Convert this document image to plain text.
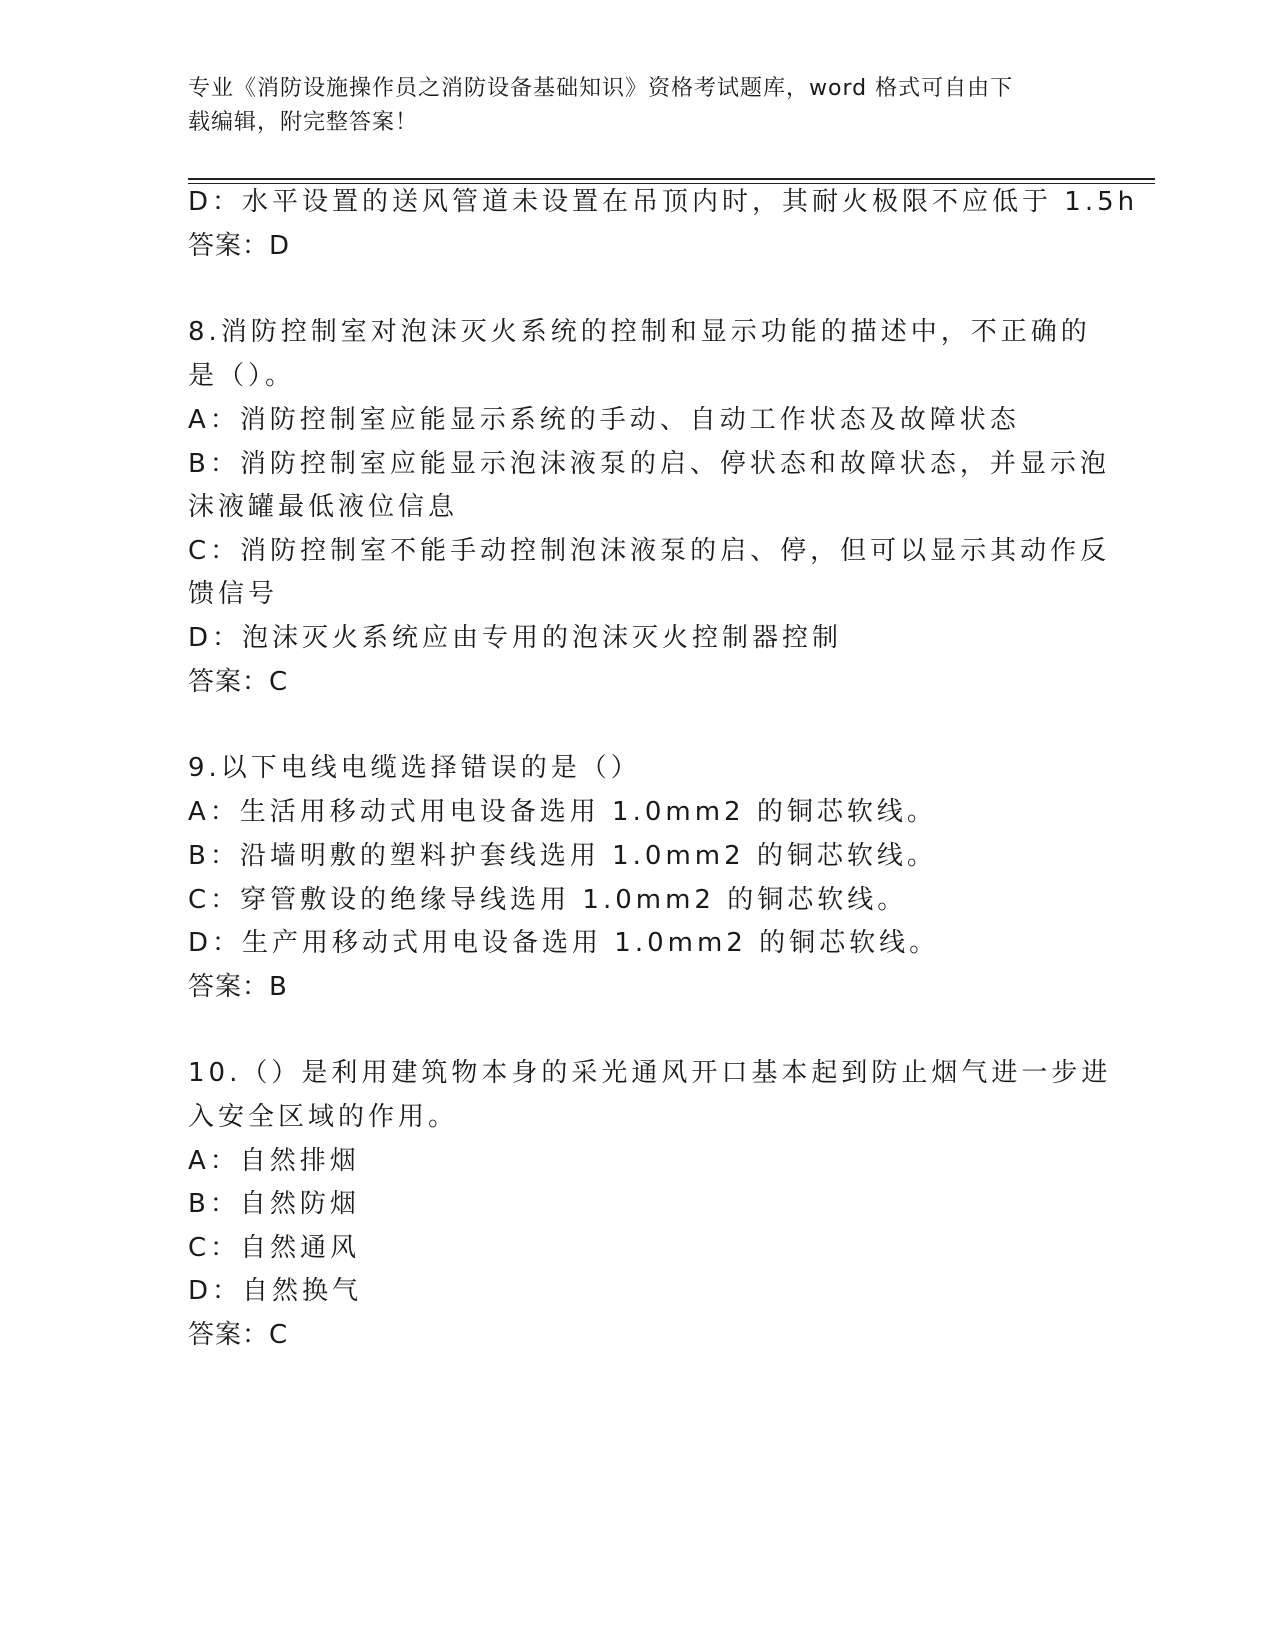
专业《消防设施操作员之消防设备基础知识》资格考试题库，word 格式可自由下
载编辑，附完整答案！
D：水平设置的送风管道未设置在吊顶内时，其耐火极限不应低于 1.5h
答案：D
8.消防控制室对泡沫灭火系统的控制和显示功能的描述中，不正确的
是（）。
A：消防控制室应能显示系统的手动、自动工作状态及故障状态
B：消防控制室应能显示泡沫液泵的启、停状态和故障状态，并显示泡
沫液罐最低液位信息
C：消防控制室不能手动控制泡沫液泵的启、停，但可以显示其动作反
馈信号
D：泡沫灭火系统应由专用的泡沫灭火控制器控制
答案：C
9.以下电线电缆选择错误的是（）
A：生活用移动式用电设备选用 1.0mm2 的铜芯软线。
B：沿墙明敷的塑料护套线选用 1.0mm2 的铜芯软线。
C：穿管敷设的绝缘导线选用 1.0mm2 的铜芯软线。
D：生产用移动式用电设备选用 1.0mm2 的铜芯软线。
答案：B
10.（）是利用建筑物本身的采光通风开口基本起到防止烟气进一步进
入安全区域的作用。
A：自然排烟
B：自然防烟
C：自然通风
D：自然换气
答案：C
